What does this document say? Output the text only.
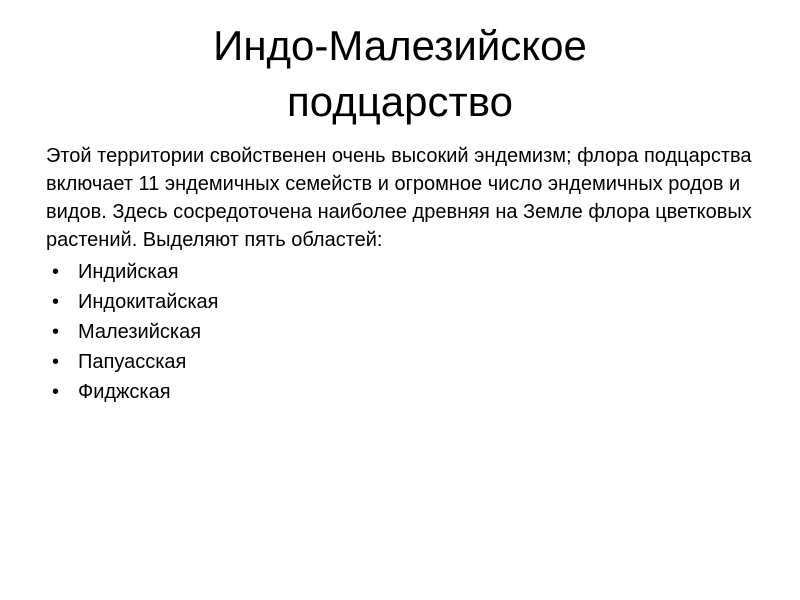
Индо-Малезийское
подцарство

Этой территории свойственен очень высокий эндемизм; флора подцарства включает 11 эндемичных семейств и огромное число эндемичных родов и видов. Здесь сосредоточена наиболее древняя на Земле флора цветковых растений. Выделяют пять областей:

• Индийская
• Индокитайская
• Малезийская
• Папуасская
• Фиджская
